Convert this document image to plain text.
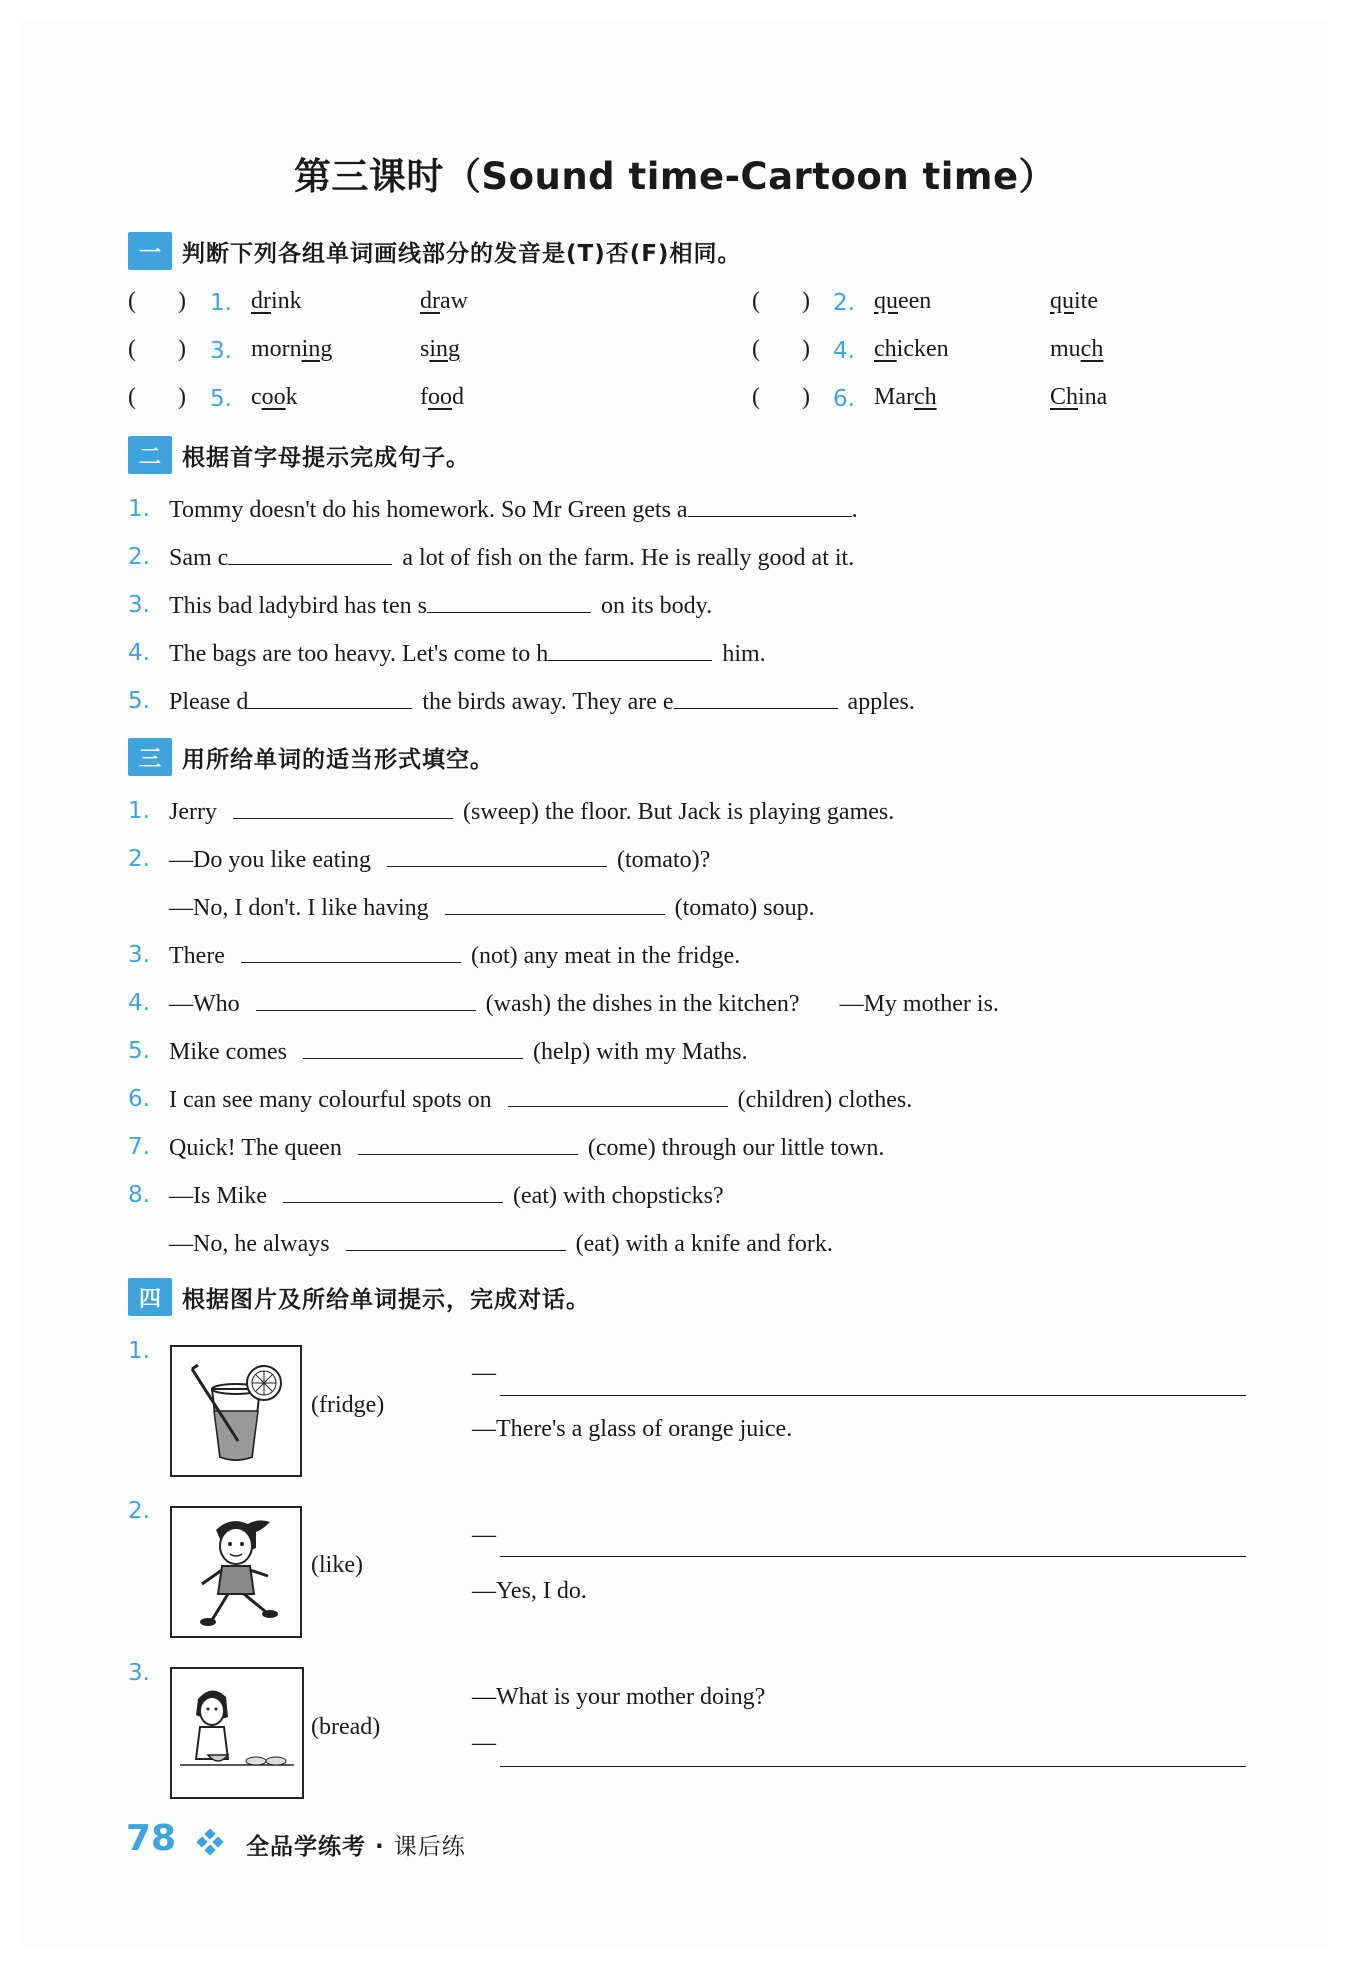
第三课时（Sound time-Cartoon time）
一 判断下列各组单词画线部分的发音是(T)否(F)相同。
(       ) 1. drink	draw	(       ) 2. queen	quite
(       ) 3. morning	sing	(       ) 4. chicken	much
(       ) 5. cook	food	(       ) 6. March	China
二 根据首字母提示完成句子。
1. Tommy doesn't do his homework. So Mr Green gets a	.
2. Sam c	a lot of fish on the farm. He is really good at it.
3. This bad ladybird has ten s	on its body.
4. The bags are too heavy. Let's come to h	him.
5. Please d	the birds away. They are e	apples.
三 用所给单词的适当形式填空。
1. Jerry	(sweep) the floor. But Jack is playing games.
2. —Do you like eating	(tomato)?
—No, I don't. I like having	(tomato) soup.
3. There	(not) any meat in the fridge.
4. —Who	(wash) the dishes in the kitchen? —My mother is.
5. Mike comes	(help) with my Maths.
6. I can see many colourful spots on	(children) clothes.
7. Quick! The queen	(come) through our little town.
8. —Is Mike	(eat) with chopsticks?
—No, he always	(eat) with a knife and fork.
四 根据图片及所给单词提示，完成对话。
1.
(fridge)
—
—There's a glass of orange juice.
2.
(like)
—
—Yes, I do.
3.
(bread)
—What is your mother doing?
—
78	全品学练考 · 课后练
